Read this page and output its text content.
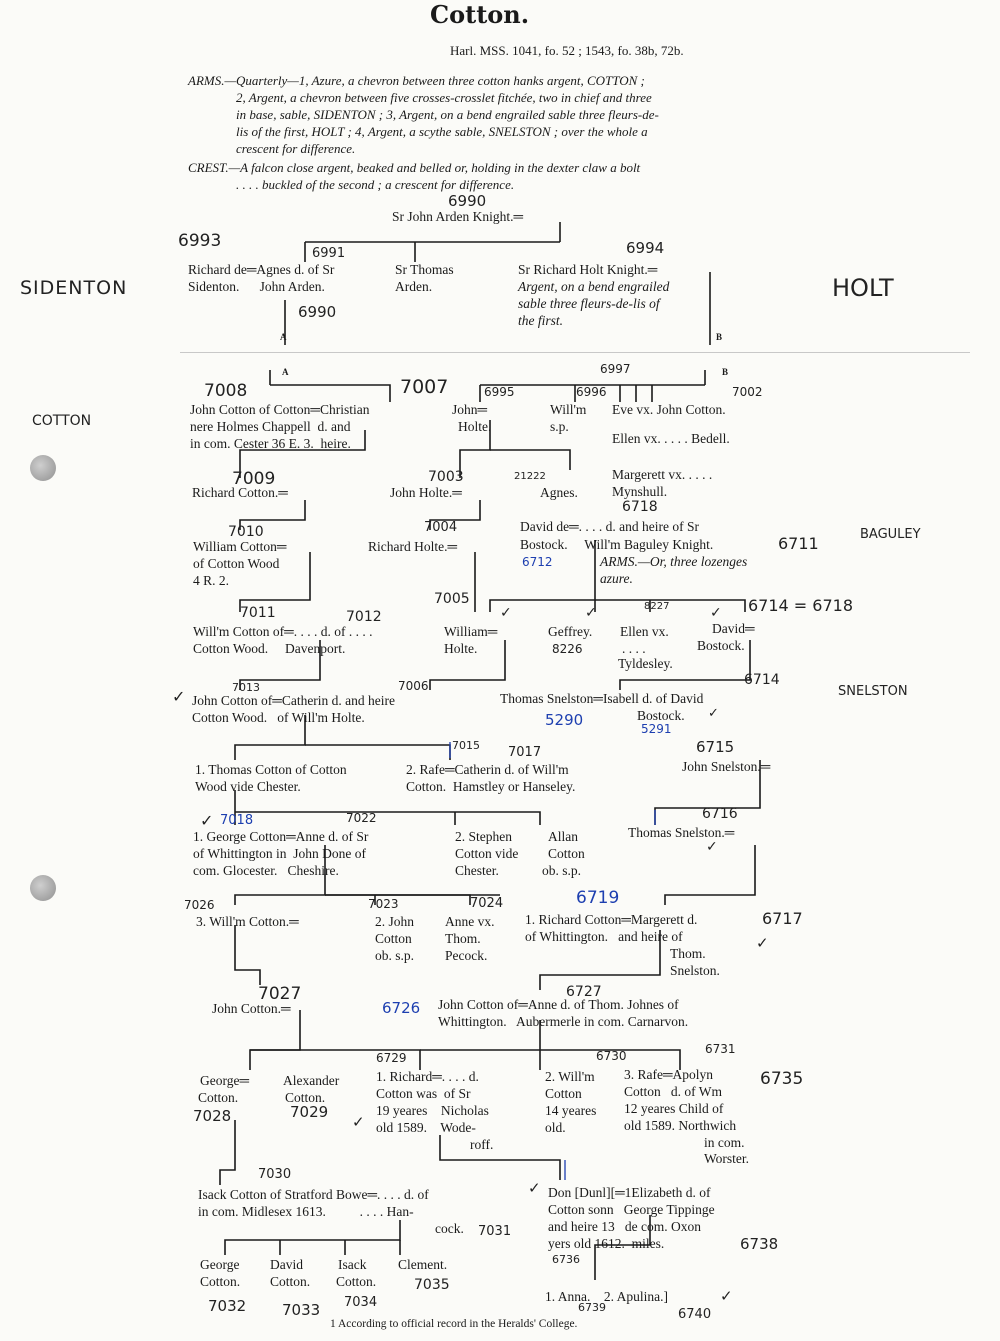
Cotton.
Harl. MSS. 1041, fo. 52 ; 1543, fo. 38b, 72b.
ARMS.—Quarterly—1, Azure, a chevron between three cotton hanks argent, COTTON ;
2, Argent, a chevron between five crosses-crosslet fitchée, two in chief and three
in base, sable, SIDENTON ; 3, Argent, on a bend engrailed sable three fleurs-de-
lis of the first, HOLT ; 4, Argent, a scythe sable, SNELSTON ; over the whole a
crescent for difference.
CREST.—A falcon close argent, beaked and belled or, holding in the dexter claw a bolt
. . . . buckled of the second ; a crescent for difference.
SIDENTON	HOLT
COTTON
BAGULEY
SNELSTON
Sr John Arden Knight.═
Richard de═Agnes d. of Sr
Sidenton.      John Arden.
Sr Thomas
Arden.
Sr Richard Holt Knight.═
Argent, on a bend engrailed
sable three fleurs-de-lis of
the first.
A	B
A	B
John Cotton of Cotton═Christian
nere Holmes Chappell  d. and
in com. Cester 36 E. 3.  heire.
John═
Holte.
Will'm
s.p.
Eve vx. John Cotton.
Ellen vx. . . . . Bedell.
Margerett vx. . . . .
Mynshull.
Richard Cotton.═	John Holte.═	Agnes.
William Cotton═
of Cotton Wood
4 R. 2.
Richard Holte.═
David de═. . . . d. and heire of Sr
Bostock.     Will'm Baguley Knight.
ARMS.—Or, three lozenges
azure.
Will'm Cotton of═. . . . d. of . . . .
Cotton Wood.     Davenport.
William═
Holte.
Geffrey. Ellen vx.
. . . .
Tyldesley.
David═
Bostock.
John Cotton of═Catherin d. and heire
Cotton Wood.   of Will'm Holte.
Thomas Snelston═Isabell d. of David
Bostock.
1. Thomas Cotton of Cotton
Wood vide Chester.
2. Rafe═Catherin d. of Will'm
Cotton.  Hamstley or Hanseley.
John Snelston.═
1. George Cotton═Anne d. of Sr
of Whittington in  John Done of
com. Glocester.   Cheshire.
2. Stephen
Cotton vide
Chester.
Allan
Cotton
ob. s.p.
Thomas Snelston.═
3. Will'm Cotton.═	2. John
Cotton
ob. s.p.
Anne vx.
Thom.
Pecock.
1. Richard Cotton═Margerett d.
of Whittington.   and heire of
Thom.
Snelston.
John Cotton.═	John Cotton of═Anne d. of Thom. Johnes of
Whittington.   Aubermerle in com. Carnarvon.
George═
Cotton.
Alexander
Cotton.
1. Richard═. . . . d.
Cotton was  of Sr
19 yeares    Nicholas
old 1589.    Wode-
roff.
2. Will'm
Cotton
14 yeares
old.
3. Rafe═Apolyn
Cotton   d. of Wm
12 yeares Child of
old 1589. Northwich
in com.
Worster.
Isack Cotton of Stratford Bowe═. . . . d. of
in com. Midlesex 1613.          . . . . Han-
cock.
Don [Dunl][═1Elizabeth d. of
Cotton sonn   George Tippinge
and heire 13   de com. Oxon
yers old 1612.  miles.
George David	Isack Clement.
Cotton. Cotton. Cotton.
1. Anna.    2. Apulina.]
1 According to official record in the Heralds' College.
6990
6993
6991
6990
6994
6997
7008	7007	6995	6996	7002
7009	7003	21222
6718
7010	7004
6711
6712
7011	7012
7005	8227
8226
6714 = 6718
7013	7006	6714
5290	5291
7015 7017	6715
7018	7022	6716
7026	7023	7024	6719
6717
7027
6726
6727
6729	6730	6731
6735
7028	7029
7030
7031
6736
6738
7032 7033 7034
7035
6739	6740
✓
✓
✓	✓	✓
✓
✓
✓
✓
✓
✓
